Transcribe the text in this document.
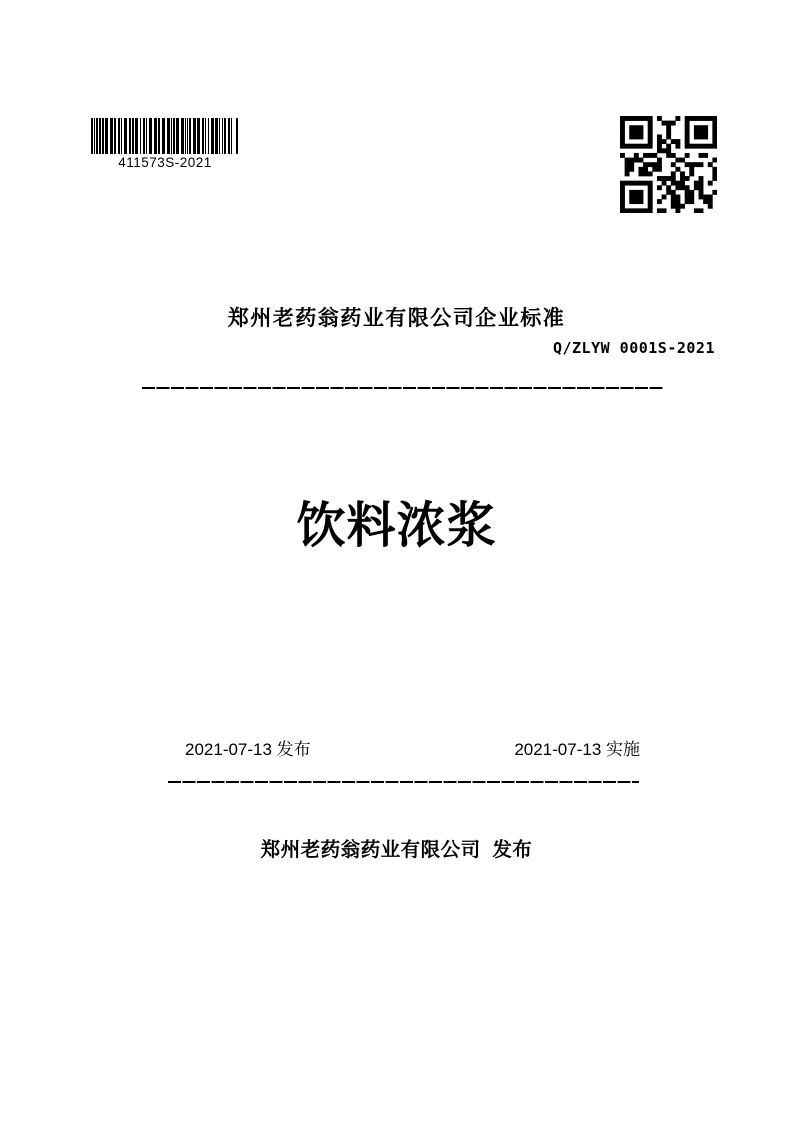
411573S-2021
郑州老药翁药业有限公司企业标准
Q/ZLYW 0001S-2021
饮料浓浆
2021-07-13 发布	2021-07-13 实施
郑州老药翁药业有限公司  发布
